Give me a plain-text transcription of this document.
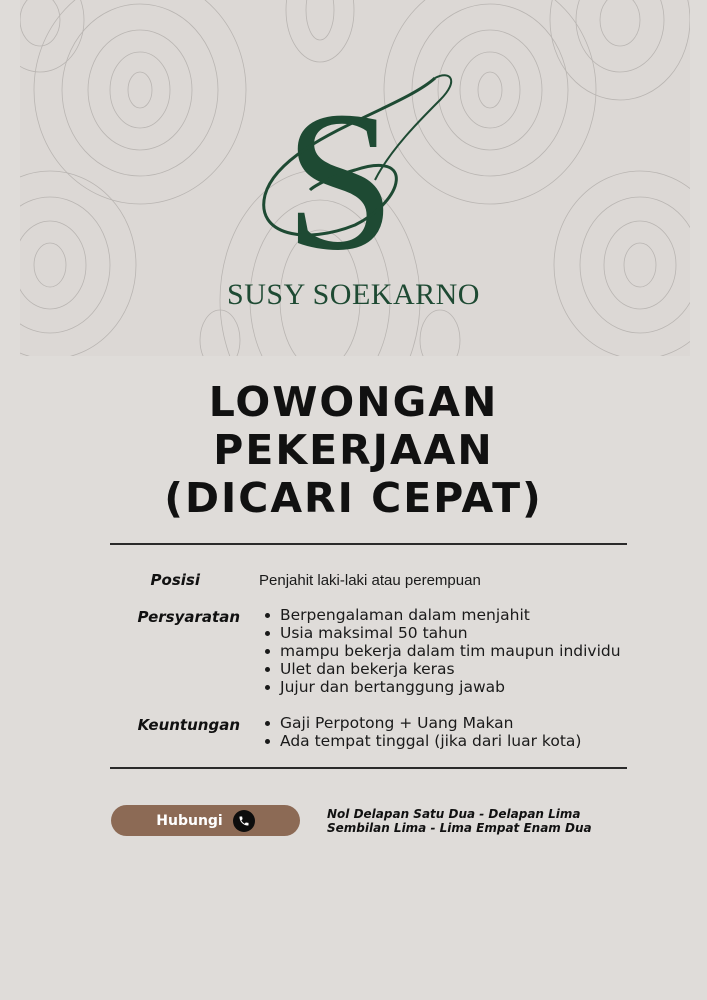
S
SUSY SOEKARNO
LOWONGAN
PEKERJAAN
(DICARI CEPAT)
Posisi	Penjahit laki-laki atau perempuan
Persyaratan	Berpengalaman dalam menjahit
Usia maksimal 50 tahun
mampu bekerja dalam tim maupun individu
Ulet dan bekerja keras
Jujur dan bertanggung jawab
Keuntungan	Gaji Perpotong + Uang Makan
Ada tempat tinggal (jika dari luar kota)
Hubungi	Nol Delapan Satu Dua - Delapan Lima
Sembilan Lima - Lima Empat Enam Dua
